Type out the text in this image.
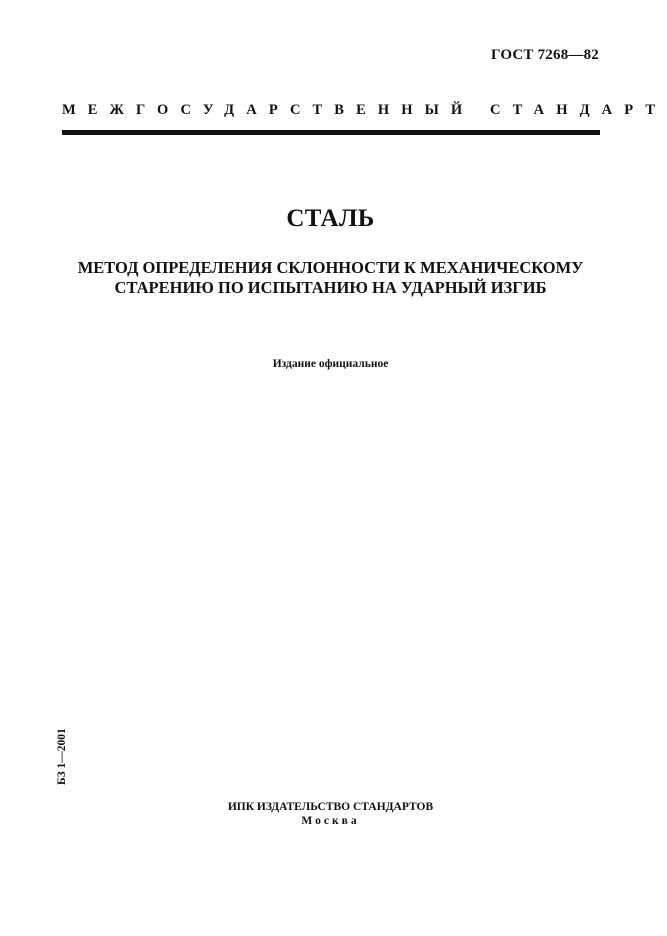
ГОСТ 7268—82
МЕЖГОСУДАРСТВЕННЫЙ СТАНДАРТ
СТАЛЬ
МЕТОД ОПРЕДЕЛЕНИЯ СКЛОННОСТИ К МЕХАНИЧЕСКОМУ
СТАРЕНИЮ ПО ИСПЫТАНИЮ НА УДАРНЫЙ ИЗГИБ
Издание официальное
БЗ 1—2001
ИПК ИЗДАТЕЛЬСТВО СТАНДАРТОВ
Москва
